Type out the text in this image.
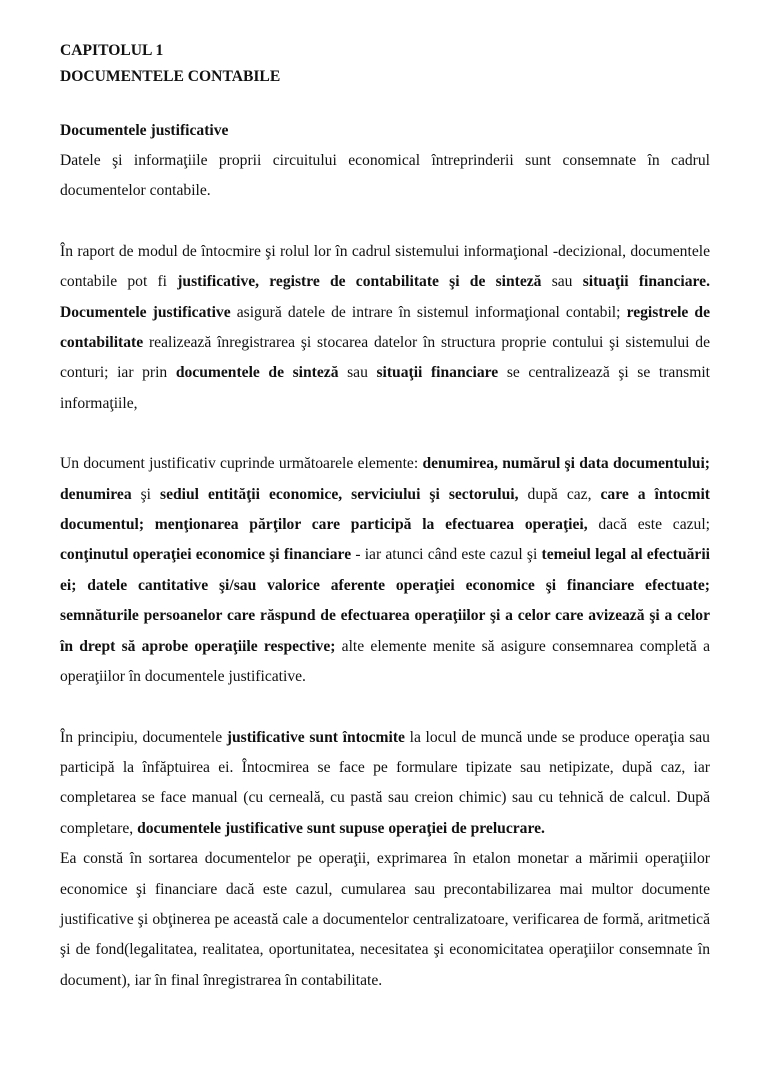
CAPITOLUL 1

DOCUMENTELE CONTABILE

Documentele justificative

Datele şi informaţiile proprii circuitului economical întreprinderii sunt consemnate în cadrul documentelor contabile.

În raport de modul de întocmire şi rolul lor în cadrul sistemului informaţional -decizional, documentele contabile pot fi justificative, registre de contabilitate şi de sinteză sau situaţii financiare. Documentele justificative asigură datele de intrare în sistemul informaţional contabil; registrele de contabilitate realizează înregistrarea şi stocarea datelor în structura proprie contului şi sistemului de conturi; iar prin documentele de sinteză sau situaţii financiare se centralizează şi se transmit informaţiile,

Un document justificativ cuprinde următoarele elemente: denumirea, numărul şi data documentului; denumirea şi sediul entităţii economice, serviciului şi sectorului, după caz, care a întocmit documentul; menţionarea părţilor care participă la efectuarea operaţiei, dacă este cazul; conţinutul operaţiei economice şi financiare - iar atunci când este cazul şi temeiul legal al efectuării ei; datele cantitative şi/sau valorice aferente operaţiei economice şi financiare efectuate; semnăturile persoanelor care răspund de efectuarea operaţiilor şi a celor care avizează şi a celor în drept să aprobe operaţiile respective; alte elemente menite să asigure consemnarea completă a operaţiilor în documentele justificative.

În principiu, documentele justificative sunt întocmite la locul de muncă unde se produce operaţia sau participă la înfăptuirea ei. Întocmirea se face pe formulare tipizate sau netipizate, după caz, iar completarea se face manual (cu cerneală, cu pastă sau creion chimic) sau cu tehnică de calcul. După completare, documentele justificative sunt supuse operaţiei de prelucrare.

Ea constă în sortarea documentelor pe operaţii, exprimarea în etalon monetar a mărimii operaţiilor economice şi financiare dacă este cazul, cumularea sau precontabilizarea mai multor documente justificative şi obţinerea pe această cale a documentelor centralizatoare, verificarea de formă, aritmetică şi de fond(legalitatea, realitatea, oportunitatea, necesitatea şi economicitatea operaţiilor consemnate în document), iar în final înregistrarea în contabilitate.
